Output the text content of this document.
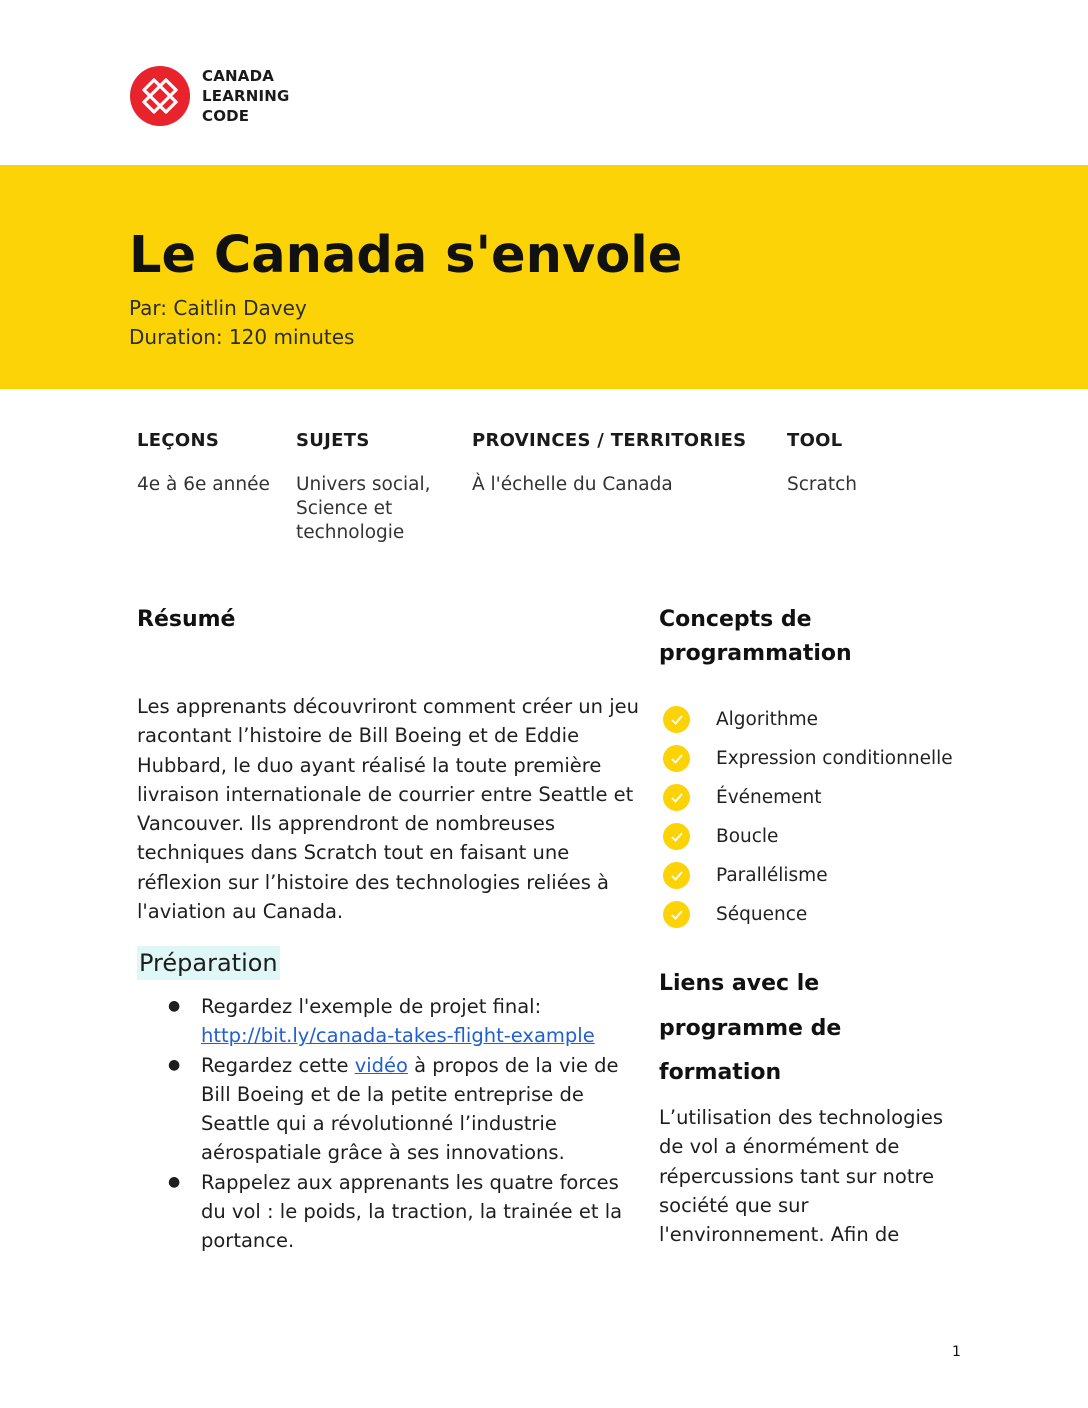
CANADA
LEARNING
CODE
Le Canada s'envole
Par: Caitlin Davey
Duration: 120 minutes
LEÇONS
4e à 6e année
SUJETS
Univers social, Science et technologie
PROVINCES / TERRITORIES
À l'échelle du Canada
TOOL
Scratch
Résumé

Les apprenants découvriront comment créer un jeu racontant l’histoire de Bill Boeing et de Eddie Hubbard, le duo ayant réalisé la toute première livraison internationale de courrier entre Seattle et Vancouver. Ils apprendront de nombreuses techniques dans Scratch tout en faisant une réflexion sur l’histoire des technologies reliées à l'aviation au Canada.

Préparation
● Regardez l'exemple de projet final: http://bit.ly/canada-takes-flight-example
● Regardez cette vidéo à propos de la vie de Bill Boeing et de la petite entreprise de Seattle qui a révolutionné l’industrie aérospatiale grâce à ses innovations.
● Rappelez aux apprenants les quatre forces du vol : le poids, la traction, la trainée et la portance.
Concepts de programmation
Algorithme
Expression conditionnelle
Événement
Boucle
Parallélisme
Séquence
Liens avec le programme de formation

L’utilisation des technologies de vol a énormément de répercussions tant sur notre société que sur l'environnement. Afin de

1
